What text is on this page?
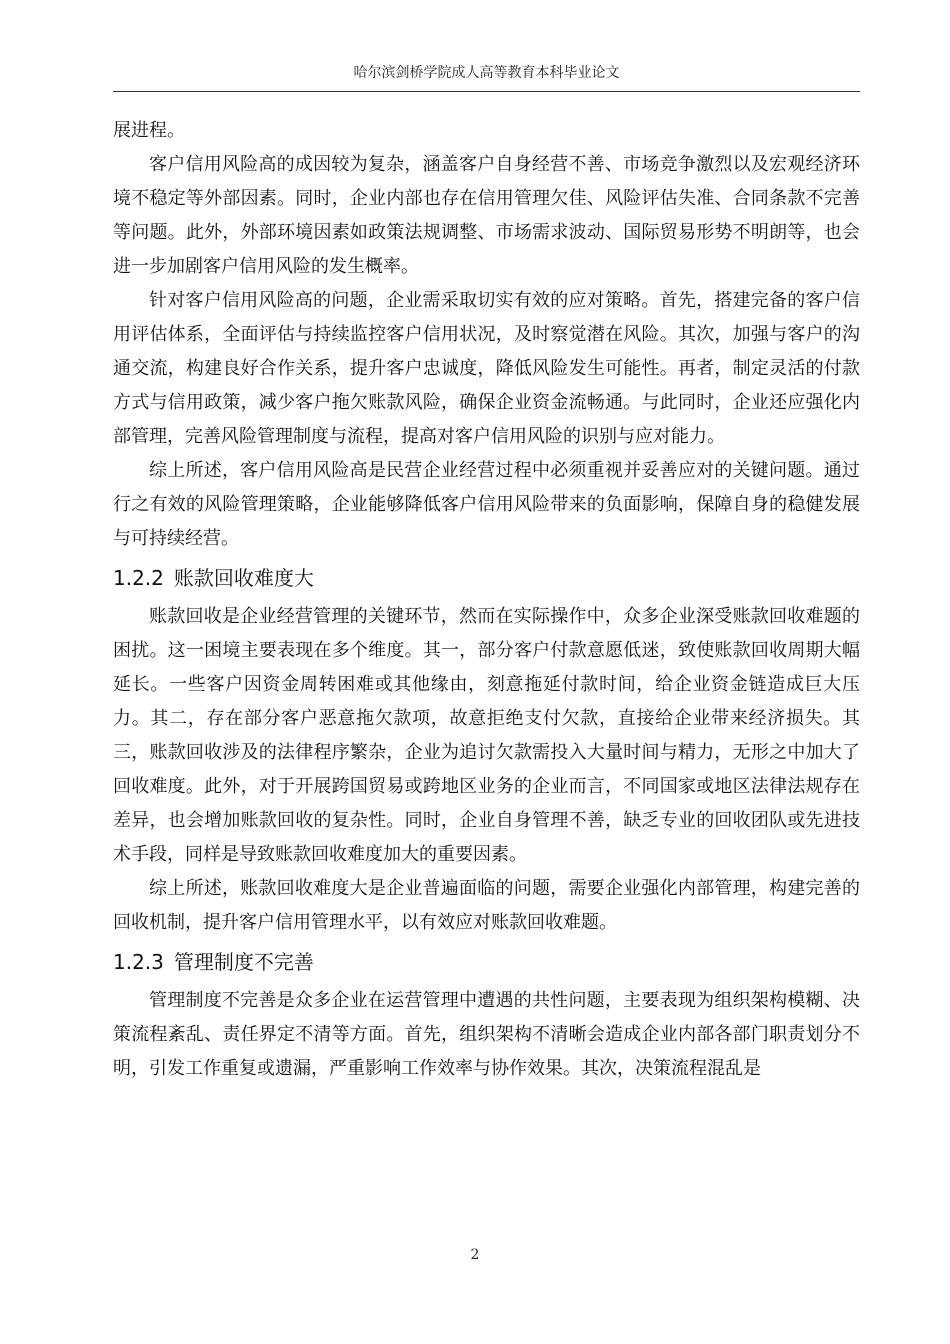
哈尔滨剑桥学院成人高等教育本科毕业论文

展进程。

客户信用风险高的成因较为复杂，涵盖客户自身经营不善、市场竞争激烈以及宏观经济环境不稳定等外部因素。同时，企业内部也存在信用管理欠佳、风险评估失准、合同条款不完善等问题。此外，外部环境因素如政策法规调整、市场需求波动、国际贸易形势不明朗等，也会进一步加剧客户信用风险的发生概率。

针对客户信用风险高的问题，企业需采取切实有效的应对策略。首先，搭建完备的客户信用评估体系，全面评估与持续监控客户信用状况，及时察觉潜在风险。其次，加强与客户的沟通交流，构建良好合作关系，提升客户忠诚度，降低风险发生可能性。再者，制定灵活的付款方式与信用政策，减少客户拖欠账款风险，确保企业资金流畅通。与此同时，企业还应强化内部管理，完善风险管理制度与流程，提高对客户信用风险的识别与应对能力。

综上所述，客户信用风险高是民营企业经营过程中必须重视并妥善应对的关键问题。通过行之有效的风险管理策略，企业能够降低客户信用风险带来的负面影响，保障自身的稳健发展与可持续经营。

1.2.2 账款回收难度大

账款回收是企业经营管理的关键环节，然而在实际操作中，众多企业深受账款回收难题的困扰。这一困境主要表现在多个维度。其一，部分客户付款意愿低迷，致使账款回收周期大幅延长。一些客户因资金周转困难或其他缘由，刻意拖延付款时间，给企业资金链造成巨大压力。其二，存在部分客户恶意拖欠款项，故意拒绝支付欠款，直接给企业带来经济损失。其三，账款回收涉及的法律程序繁杂，企业为追讨欠款需投入大量时间与精力，无形之中加大了回收难度。此外，对于开展跨国贸易或跨地区业务的企业而言，不同国家或地区法律法规存在差异，也会增加账款回收的复杂性。同时，企业自身管理不善，缺乏专业的回收团队或先进技术手段，同样是导致账款回收难度加大的重要因素。

综上所述，账款回收难度大是企业普遍面临的问题，需要企业强化内部管理，构建完善的回收机制，提升客户信用管理水平，以有效应对账款回收难题。

1.2.3 管理制度不完善

管理制度不完善是众多企业在运营管理中遭遇的共性问题，主要表现为组织架构模糊、决策流程紊乱、责任界定不清等方面。首先，组织架构不清晰会造成企业内部各部门职责划分不明，引发工作重复或遗漏，严重影响工作效率与协作效果。其次，决策流程混乱是

2
